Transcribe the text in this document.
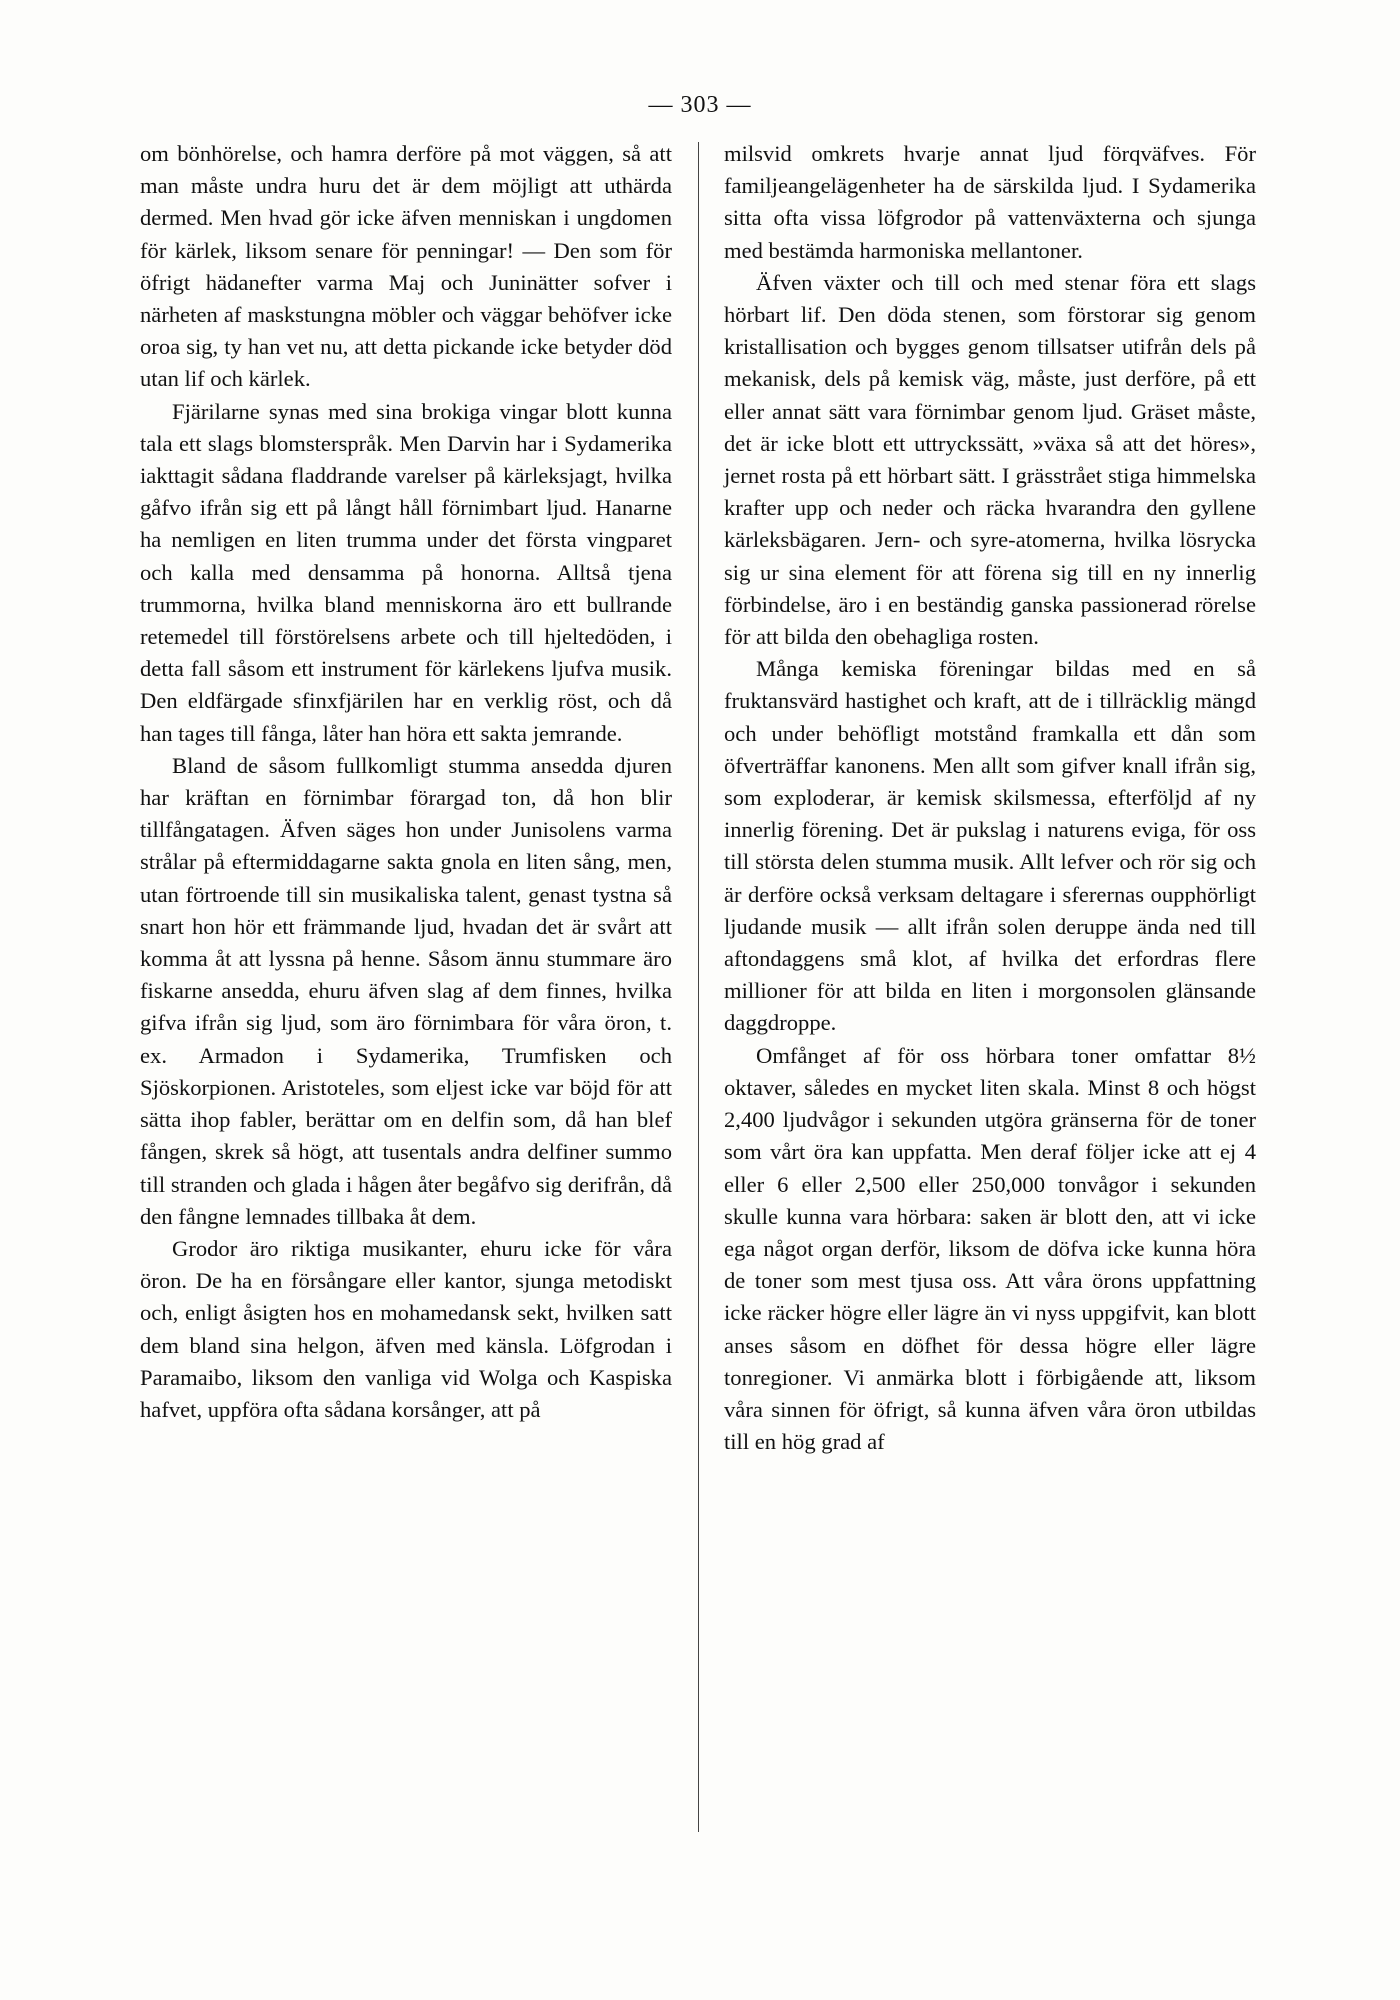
— 303 —

om bönhörelse, och hamra derföre på mot väggen, så att man måste undra huru det är dem möjligt att uthärda dermed. Men hvad gör icke äfven menniskan i ungdomen för kärlek, liksom senare för penningar! — Den som för öfrigt hädanefter varma Maj och Juninätter sofver i närheten af maskstungna möbler och väggar behöfver icke oroa sig, ty han vet nu, att detta pickande icke betyder död utan lif och kärlek.

Fjärilarne synas med sina brokiga vingar blott kunna tala ett slags blomsterspråk. Men Darvin har i Sydamerika iakttagit sådana fladdrande varelser på kärleksjagt, hvilka gåfvo ifrån sig ett på långt håll förnimbart ljud. Hanarne ha nemligen en liten trumma under det första vingparet och kalla med densamma på honorna. Alltså tjena trummorna, hvilka bland menniskorna äro ett bullrande retemedel till förstörelsens arbete och till hjeltedöden, i detta fall såsom ett instrument för kärlekens ljufva musik. Den eldfärgade sfinxfjärilen har en verklig röst, och då han tages till fånga, låter han höra ett sakta jemrande.

Bland de såsom fullkomligt stumma ansedda djuren har kräftan en förnimbar förargad ton, då hon blir tillfångatagen. Äfven säges hon under Junisolens varma strålar på eftermiddagarne sakta gnola en liten sång, men, utan förtroende till sin musikaliska talent, genast tystna så snart hon hör ett främmande ljud, hvadan det är svårt att komma åt att lyssna på henne. Såsom ännu stummare äro fiskarne ansedda, ehuru äfven slag af dem finnes, hvilka gifva ifrån sig ljud, som äro förnimbara för våra öron, t. ex. Armadon i Sydamerika, Trumfisken och Sjöskorpionen. Aristoteles, som eljest icke var böjd för att sätta ihop fabler, berättar om en delfin som, då han blef fången, skrek så högt, att tusentals andra delfiner summo till stranden och glada i hågen åter begåfvo sig derifrån, då den fångne lemnades tillbaka åt dem.

Grodor äro riktiga musikanter, ehuru icke för våra öron. De ha en försångare eller kantor, sjunga metodiskt och, enligt åsigten hos en mohamedansk sekt, hvilken satt dem bland sina helgon, äfven med känsla. Löfgrodan i Paramaibo, liksom den vanliga vid Wolga och Kaspiska hafvet, uppföra ofta sådana korsånger, att på

milsvid omkrets hvarje annat ljud förqväfves. För familjeangelägenheter ha de särskilda ljud. I Sydamerika sitta ofta vissa löfgrodor på vattenväxterna och sjunga med bestämda harmoniska mellantoner.

Äfven växter och till och med stenar föra ett slags hörbart lif. Den döda stenen, som förstorar sig genom kristallisation och bygges genom tillsatser utifrån dels på mekanisk, dels på kemisk väg, måste, just derföre, på ett eller annat sätt vara förnimbar genom ljud. Gräset måste, det är icke blott ett uttryckssätt, »växa så att det höres», jernet rosta på ett hörbart sätt. I grässtrået stiga himmelska krafter upp och neder och räcka hvarandra den gyllene kärleksbägaren. Jern- och syre-atomerna, hvilka lösrycka sig ur sina element för att förena sig till en ny innerlig förbindelse, äro i en beständig ganska passionerad rörelse för att bilda den obehagliga rosten.

Många kemiska föreningar bildas med en så fruktansvärd hastighet och kraft, att de i tillräcklig mängd och under behöfligt motstånd framkalla ett dån som öfverträffar kanonens. Men allt som gifver knall ifrån sig, som exploderar, är kemisk skilsmessa, efterföljd af ny innerlig förening. Det är pukslag i naturens eviga, för oss till största delen stumma musik. Allt lefver och rör sig och är derföre också verksam deltagare i sferernas oupphörligt ljudande musik — allt ifrån solen deruppe ända ned till aftondaggens små klot, af hvilka det erfordras flere millioner för att bilda en liten i morgonsolen glänsande daggdroppe.

Omfånget af för oss hörbara toner omfattar 8½ oktaver, således en mycket liten skala. Minst 8 och högst 2,400 ljudvågor i sekunden utgöra gränserna för de toner som vårt öra kan uppfatta. Men deraf följer icke att ej 4 eller 6 eller 2,500 eller 250,000 tonvågor i sekunden skulle kunna vara hörbara: saken är blott den, att vi icke ega något organ derför, liksom de döfva icke kunna höra de toner som mest tjusa oss. Att våra örons uppfattning icke räcker högre eller lägre än vi nyss uppgifvit, kan blott anses såsom en döfhet för dessa högre eller lägre tonregioner. Vi anmärka blott i förbigående att, liksom våra sinnen för öfrigt, så kunna äfven våra öron utbildas till en hög grad af
